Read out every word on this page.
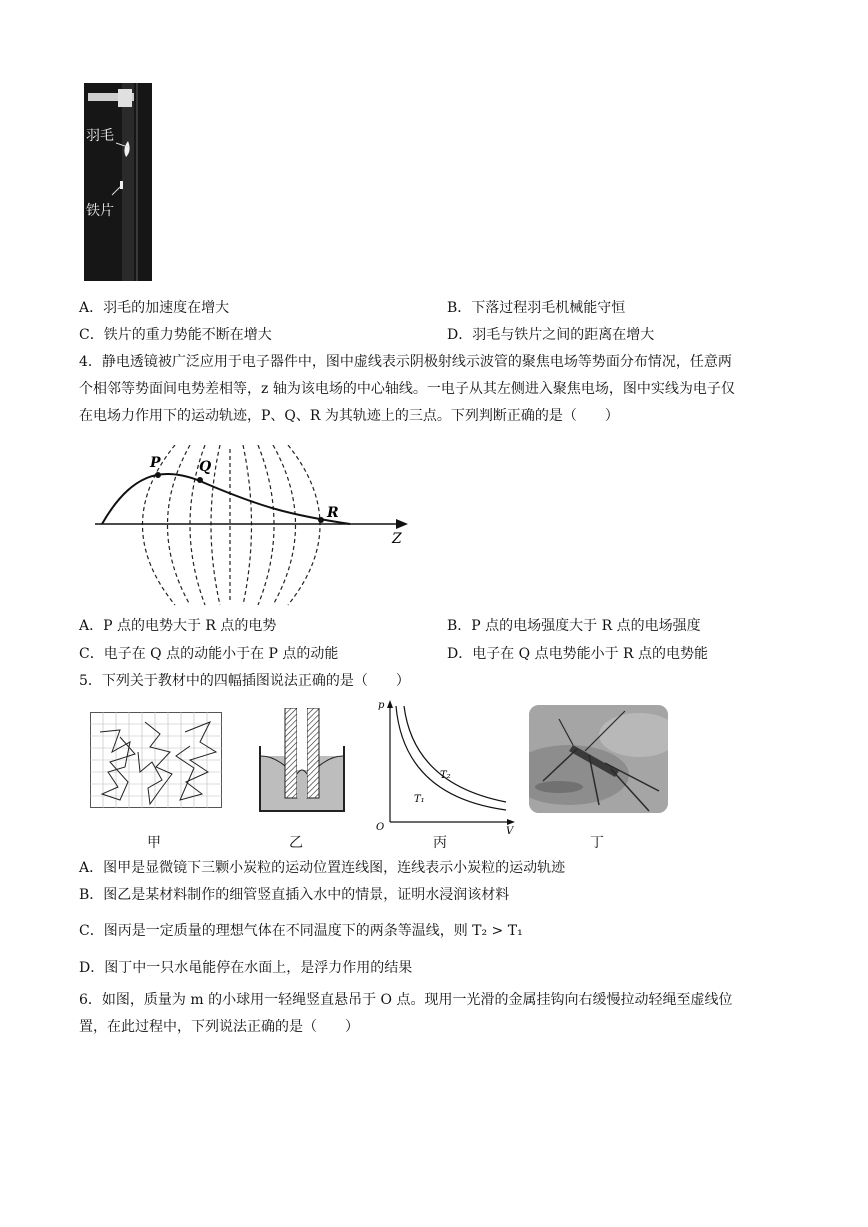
羽毛
铁片
A．羽毛的加速度在增大	B．下落过程羽毛机械能守恒
C．铁片的重力势能不断在增大	D．羽毛与铁片之间的距离在增大
4．静电透镜被广泛应用于电子器件中，图中虚线表示阴极射线示波管的聚焦电场等势面分布情况，任意两
个相邻等势面间电势差相等，z 轴为该电场的中心轴线。一电子从其左侧进入聚焦电场，图中实线为电子仅
在电场力作用下的运动轨迹，P、Q、R 为其轨迹上的三点。下列判断正确的是（　　）
P	Q
R
Z
A．P 点的电势大于 R 点的电势	B．P 点的电场强度大于 R 点的电场强度
C．电子在 Q 点的动能小于在 P 点的动能	D．电子在 Q 点电势能小于 R 点的电势能
5．下列关于教材中的四幅插图说法正确的是（　　）
甲	乙
p
V
O
T₂
T₁
丙	丁
A．图甲是显微镜下三颗小炭粒的运动位置连线图，连线表示小炭粒的运动轨迹
B．图乙是某材料制作的细管竖直插入水中的情景，证明水浸润该材料
C．图丙是一定质量的理想气体在不同温度下的两条等温线，则 T₂ > T₁
D．图丁中一只水黾能停在水面上，是浮力作用的结果
6．如图，质量为 m 的小球用一轻绳竖直悬吊于 O 点。现用一光滑的金属挂钩向右缓慢拉动轻绳至虚线位
置，在此过程中，下列说法正确的是（　　）
